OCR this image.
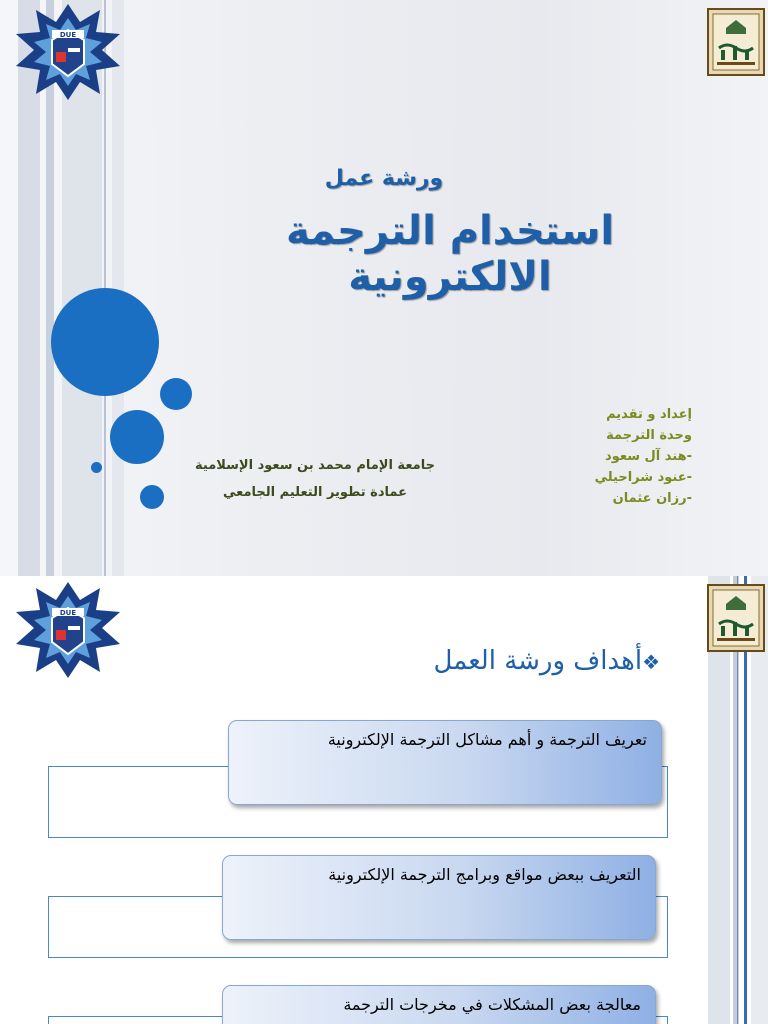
DUE
ورشة عمل
استخدام الترجمة الالكترونية
إعداد و تقديم
وحدة الترجمة
-هند آل سعود
-عنود شراحيلي
-رزان عثمان
جامعة الإمام محمد بن سعود الإسلامية
عمادة تطوير التعليم الجامعي
DUE
❖أهداف ورشة العمل
تعريف الترجمة و أهم مشاكل الترجمة الإلكترونية
التعريف ببعض مواقع وبرامج الترجمة الإلكترونية
معالجة بعض المشكلات في مخرجات الترجمة
